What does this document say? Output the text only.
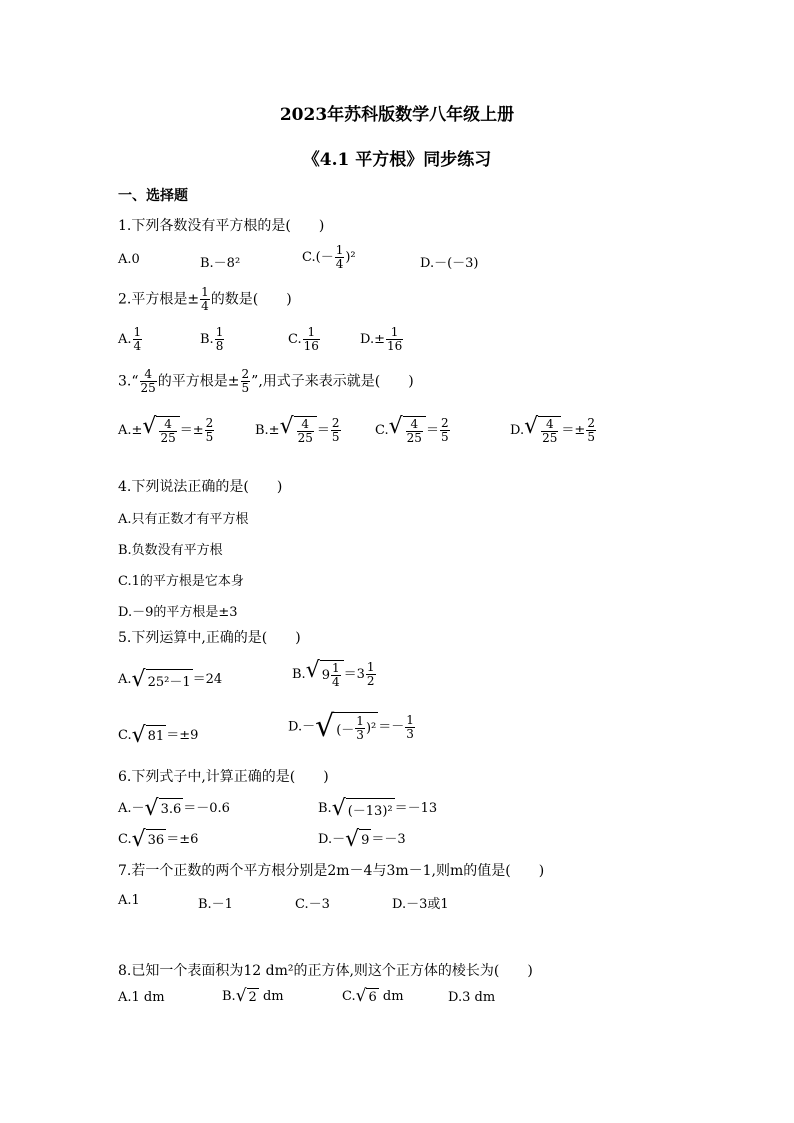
2023年苏科版数学八年级上册
《4.1 平方根》同步练习
一、选择题
1.下列各数没有平方根的是(　　)
A.0	B.－8²	$C.(- \frac{1}{4} )^2$	D.－(－3)
2.平方根是± $\frac{1}{4}$ 的数是(　　)
A. $\frac{1}{4}$	B. $\frac{1}{8}$	C. $\frac{1}{16}$	$D.\pm \frac{1}{16}$
3.“ $\frac{4}{25}$ 的平方根是± $\frac{2}{5}$ ”,用式子来表示就是(　　)
A.± √ $\frac{4}{25} =\pm \frac{2}{5}$	B.± √ $\frac{4}{25} = \frac{2}{5}$	C. √ $\frac{4}{25} = \frac{2}{5}$	D. √ $\frac{4}{25} =\pm \frac{2}{5}$
4.下列说法正确的是(　　)
A.只有正数才有平方根
B.负数没有平方根
C.1的平方根是它本身
D.－9的平方根是±3
5.下列运算中,正确的是(　　)
A. √ 25²－1 ＝24	B. √ $9 \frac{1}{4} =3 \frac{1}{2}$
C. √ 81 ＝±9
D.－ √ (－ $\frac{1}{3} )^2 =- \frac{1}{3}$
6.下列式子中,计算正确的是(　　)
A.－ √ 3.6 ＝－0.6	B. √ (－13)² ＝－13
C. √ 36 ＝±6	D.－ √ 9 ＝－3
7.若一个正数的两个平方根分别是2m－4与3m－1,则m的值是(　　)
A.1	B.－1	C.－3	D.－3或1
8.已知一个表面积为12 dm²的正方体,则这个正方体的棱长为(　　)
A.1 dm	B. √ 2 dm	C. √ 6 dm	D.3 dm
